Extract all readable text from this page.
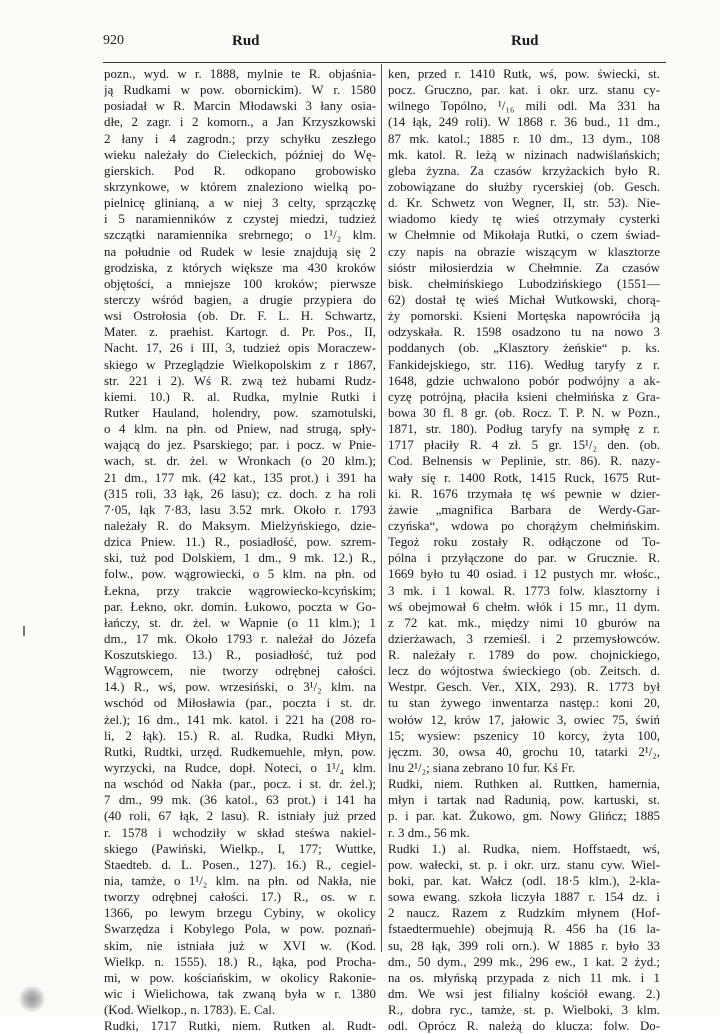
920	Rud	Rud
pozn., wyd. w r. 1888, mylnie te R. objaśnia-
ją Rudkami w pow. obornickim). W r. 1580
posiadał w R. Marcin Młodawski 3 łany osia-
dłe, 2 zagr. i 2 komorn., a Jan Krzyszkowski
2 łany i 4 zagrodn.; przy schyłku zeszłego
wieku należały do Cieleckich, później do Wę-
gierskich. Pod R. odkopano grobowisko
skrzynkowe, w którem znaleziono wielką po-
pielnicę glinianą, a w niej 3 celty, sprzączkę
i 5 naramienników z czystej miedzi, tudzież
szczątki naramiennika srebrnego; o 1¹/₂ klm.
na południe od Rudek w lesie znajdują się 2
grodziska, z których większe ma 430 kroków
objętości, a mniejsze 100 kroków; pierwsze
sterczy wśród bagien, a drugie przypiera do
wsi Ostrołosia (ob. Dr. F. L. H. Schwartz,
Mater. z. praehist. Kartogr. d. Pr. Pos., II,
Nacht. 17, 26 i III, 3, tudzież opis Moraczew-
skiego w Przeglądzie Wielkopolskim z r 1867,
str. 221 i 2). Wś R. zwą też hubami Rudz-
kiemi. 10.) R. al. Rudka, mylnie Rutki i
Rutker Hauland, holendry, pow. szamotulski,
o 4 klm. na płn. od Pniew, nad strugą, spły-
wającą do jez. Psarskiego; par. i pocz. w Pnie-
wach, st. dr. żel. w Wronkach (o 20 klm.);
21 dm., 177 mk. (42 kat., 135 prot.) i 391 ha
(315 roli, 33 łąk, 26 lasu); cz. doch. z ha roli
7·05, łąk 7·83, lasu 3.52 mrk. Około r. 1793
należały R. do Maksym. Mielżyńskiego, dzie-
dzica Pniew. 11.) R., posiadłość, pow. szrem-
ski, tuż pod Dolskiem, 1 dm., 9 mk. 12.) R.,
folw., pow. wągrowiecki, o 5 klm. na płn. od
Łekna, przy trakcie wągrowiecko-kcyńskim;
par. Łekno, okr. domin. Łukowo, poczta w Go-
łańczy, st. dr. żel. w Wapnie (o 11 klm.); 1
dm., 17 mk. Około 1793 r. należał do Józefa
Koszutskiego. 13.) R., posiadłość, tuż pod
Wągrowcem, nie tworzy odrębnej całości.
14.) R., wś, pow. wrzesiński, o 3¹/₂ klm. na
wschód od Miłosławia (par., poczta i st. dr.
żel.); 16 dm., 141 mk. katol. i 221 ha (208 ro-
li, 2 łąk). 15.) R. al. Rudka, Rudki Młyn,
Rutki, Rudtki, urzęd. Rudkemuehle, młyn, pow.
wyrzycki, na Rudce, dopł. Noteci, o 1¹/₄ klm.
na wschód od Nakła (par., pocz. i st. dr. żel.);
7 dm., 99 mk. (36 katol., 63 prot.) i 141 ha
(40 roli, 67 łąk, 2 lasu). R. istniały już przed
r. 1578 i wchodziły w skład steśwa nakiel-
skiego (Pawiński, Wielkp., I, 177; Wuttke,
Staedteb. d. L. Posen., 127). 16.) R., cegiel-
nia, tamże, o 1¹/₂ klm. na płn. od Nakła, nie
tworzy odrębnej całości. 17.) R., os. w r.
1366, po lewym brzegu Cybiny, w okolicy
Swarzędza i Kobylego Pola, w pow. poznań-
skim, nie istniała już w XVI w. (Kod.
Wielkp. n. 1555). 18.) R., łąka, pod Procha-
mi, w pow. kościańskim, w okolicy Rakonie-
wic i Wielichowa, tak zwaną była w r. 1380
(Kod. Wielkop., n. 1783). E. Cal.
Rudki, 1717 Rutki, niem. Rutken al. Rudt-
ken, przed r. 1410 Rutk, wś, pow. świecki, st.
pocz. Gruczno, par. kat. i okr. urz. stanu cy-
wilnego Topólno, ¹/₁₆ mili odl. Ma 331 ha
(14 łąk, 249 roli). W 1868 r. 36 bud., 11 dm.,
87 mk. katol.; 1885 r. 10 dm., 13 dym., 108
mk. katol. R. leżą w nizinach nadwiślańskich;
gleba żyzna. Za czasów krzyżackich było R.
zobowiązane do służby rycerskiej (ob. Gesch.
d. Kr. Schwetz von Wegner, II, str. 53). Nie-
wiadomo kiedy tę wieś otrzymały cysterki
w Chełmnie od Mikołaja Rutki, o czem świad-
czy napis na obrazie wiszącym w klasztorze
sióstr miłosierdzia w Chełmnie. Za czasów
bisk. chełmińskiego Lubodzińskiego (1551—
62) dostał tę wieś Michał Wutkowski, chorą-
ży pomorski. Ksieni Mortęska napowróciła ją
odzyskała. R. 1598 osadzono tu na nowo 3
poddanych (ob. „Klasztory żeńskie“ p. ks.
Fankidejskiego, str. 116). Według taryfy z r.
1648, gdzie uchwalono pobór podwójny a ak-
cyzę potrójną, płaciła ksieni chełmińska z Gra-
bowa 30 fl. 8 gr. (ob. Rocz. T. P. N. w Pozn.,
1871, str. 180). Podług taryfy na sympłę z r.
1717 płaciły R. 4 zł. 5 gr. 15¹/₂ den. (ob.
Cod. Belnensis w Peplinie, str. 86). R. nazy-
wały się r. 1400 Rotk, 1415 Ruck, 1675 Rut-
ki. R. 1676 trzymała tę wś pewnie w dzier-
żawie „magnifica Barbara de Werdy-Gar-
czyńska“, wdowa po chorążym chełmińskim.
Tegoż roku zostały R. odłączone od To-
pólna i przyłączone do par. w Grucznie. R.
1669 było tu 40 osiad. i 12 pustych mr. włośc.,
3 mk. i 1 kowal. R. 1773 folw. klasztorny i
wś obejmował 6 chełm. włók i 15 mr., 11 dym.
z 72 kat. mk., między nimi 10 gburów na
dzierżawach, 3 rzemieśl. i 2 przemysłowców.
R. należały r. 1789 do pow. chojnickiego,
lecz do wójtostwa świeckiego (ob. Zeitsch. d.
Westpr. Gesch. Ver., XIX, 293). R. 1773 był
tu stan żywego inwentarza następ.: koni 20,
wołów 12, krów 17, jałowic 3, owiec 75, świń
15; wysiew: pszenicy 10 korcy, żyta 100,
jęczm. 30, owsa 40, grochu 10, tatarki 2¹/₂,
lnu 2¹/₂; siana zebrano 10 fur. Kś Fr.
Rudki, niem. Ruthken al. Ruttken, hamernia,
młyn i tartak nad Radunią, pow. kartuski, st.
p. i par. kat. Żukowo, gm. Nowy Glińcz; 1885
r. 3 dm., 56 mk.
Rudki 1.) al. Rudka, niem. Hoffstaedt, wś,
pow. wałecki, st. p. i okr. urz. stanu cyw. Wiel-
boki, par. kat. Wałcz (odl. 18·5 klm.), 2-kla-
sowa ewang. szkoła liczyła 1887 r. 154 dz. i
2 naucz. Razem z Rudzkim młynem (Hof-
fstaedtermuehle) obejmują R. 456 ha (16 la-
su, 28 łąk, 399 roli orn.). W 1885 r. było 33
dm., 50 dym., 299 mk., 296 ew., 1 kat. 2 żyd.;
na os. młyńską przypada z nich 11 mk. i 1
dm. We wsi jest filialny kościół ewang. 2.)
R., dobra ryc., tamże, st. p. Wielboki, 3 klm.
odl. Oprócz R. należą do klucza: folw. Do-
